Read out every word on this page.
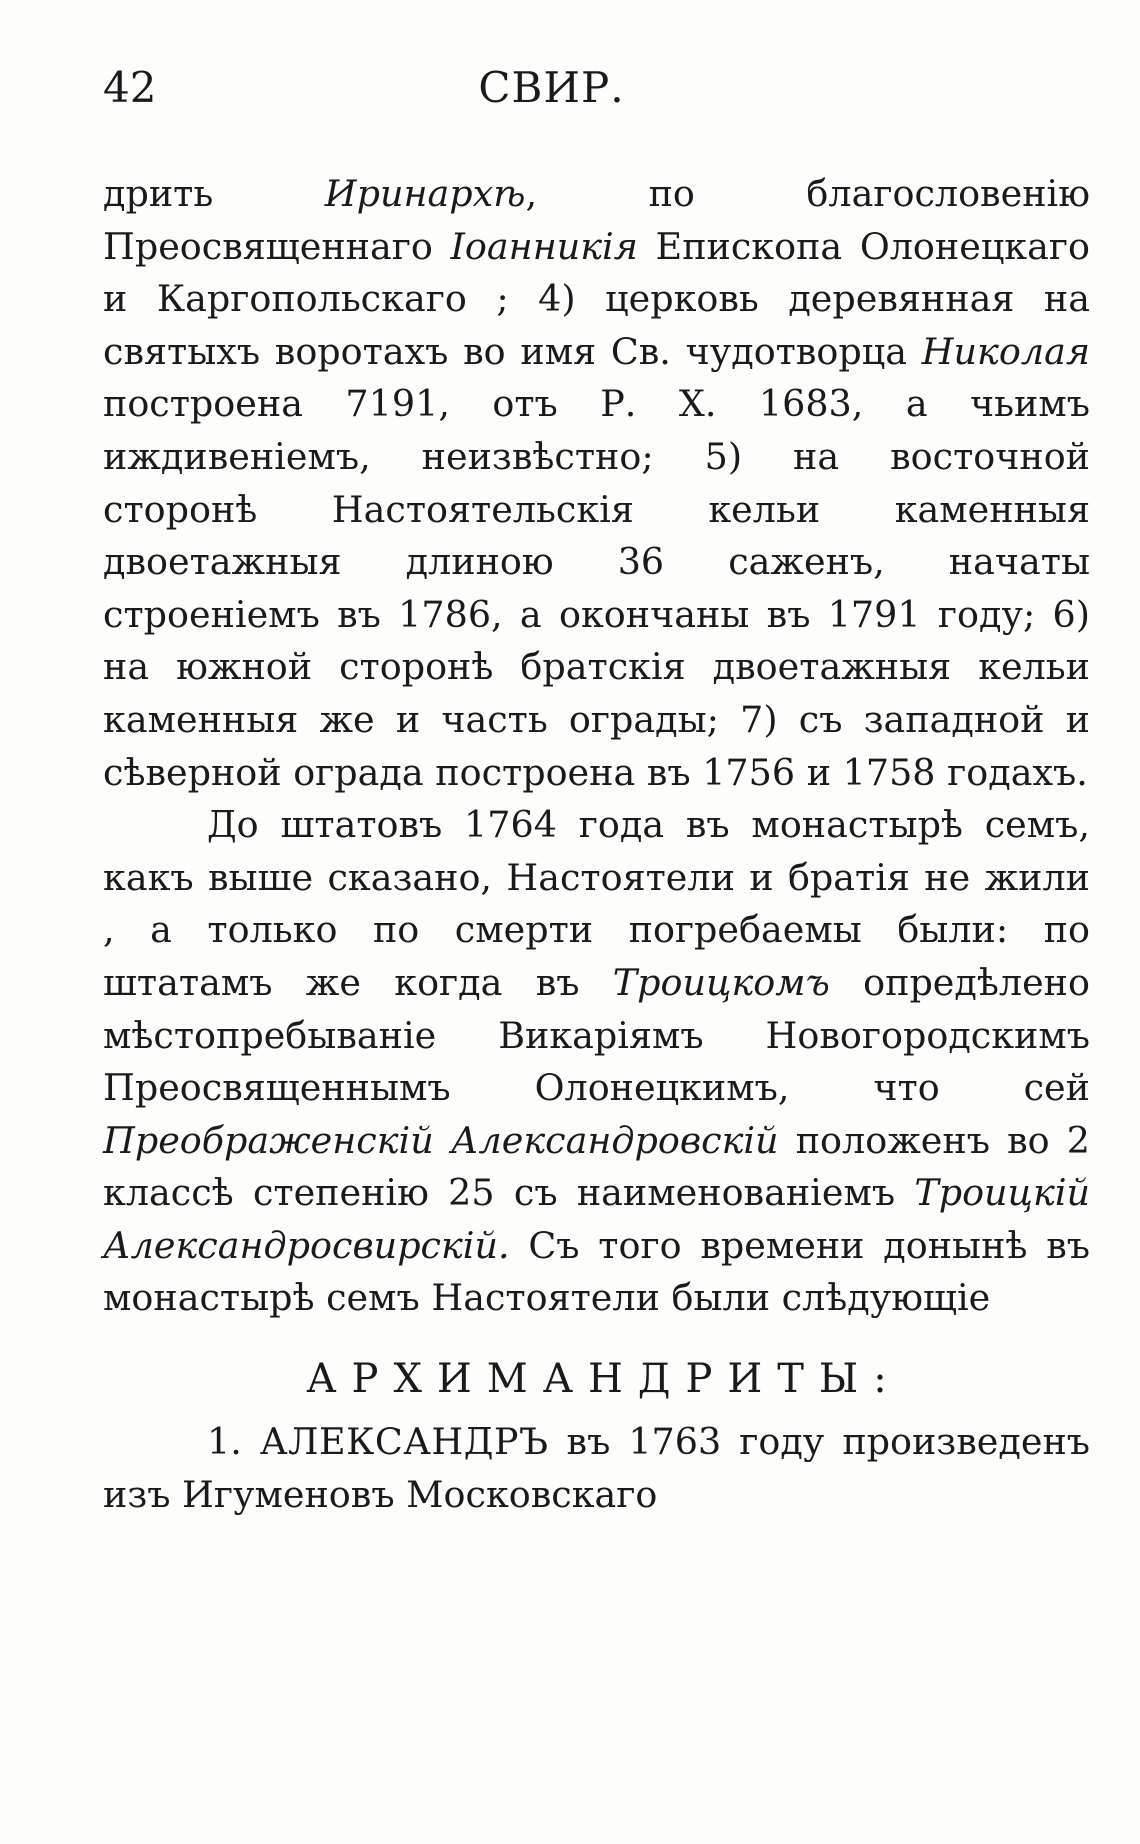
42	СВИР.

дрить Иринархѣ, по благословенію Преосвященнаго Іоанникія Епископа Олонецкаго и Каргопольскаго ; 4) церковь деревянная на святыхъ воротахъ во имя Св. чудотворца Николая построена 7191, отъ Р. X. 1683, а чьимъ иждивеніемъ, неизвѣстно; 5) на восточной сторонѣ Настоятельскія кельи каменныя двоетажныя длиною 36 саженъ, начаты строеніемъ въ 1786, а окончаны въ 1791 году; 6) на южной сторонѣ братскія двоетажныя кельи каменныя же и часть ограды; 7) съ западной и сѣверной ограда построена въ 1756 и 1758 годахъ.

До штатовъ 1764 года въ монастырѣ семъ, какъ выше сказано, Настоятели и братія не жили , а только по смерти погребаемы были: по штатамъ же когда въ Троицкомъ опредѣлено мѣстопребываніе Викаріямъ Новогородскимъ Преосвященнымъ Олонецкимъ, что сей Преображенскій Александровскій положенъ во 2 классѣ степенію 25 съ наименованіемъ Троицкій Александросвирскій. Съ того времени донынѣ въ монастырѣ семъ Настоятели были слѣдующіе

АРХИМАНДРИТЫ:

1. АЛЕКСАНДРЪ въ 1763 году произведенъ изъ Игуменовъ Московскаго
